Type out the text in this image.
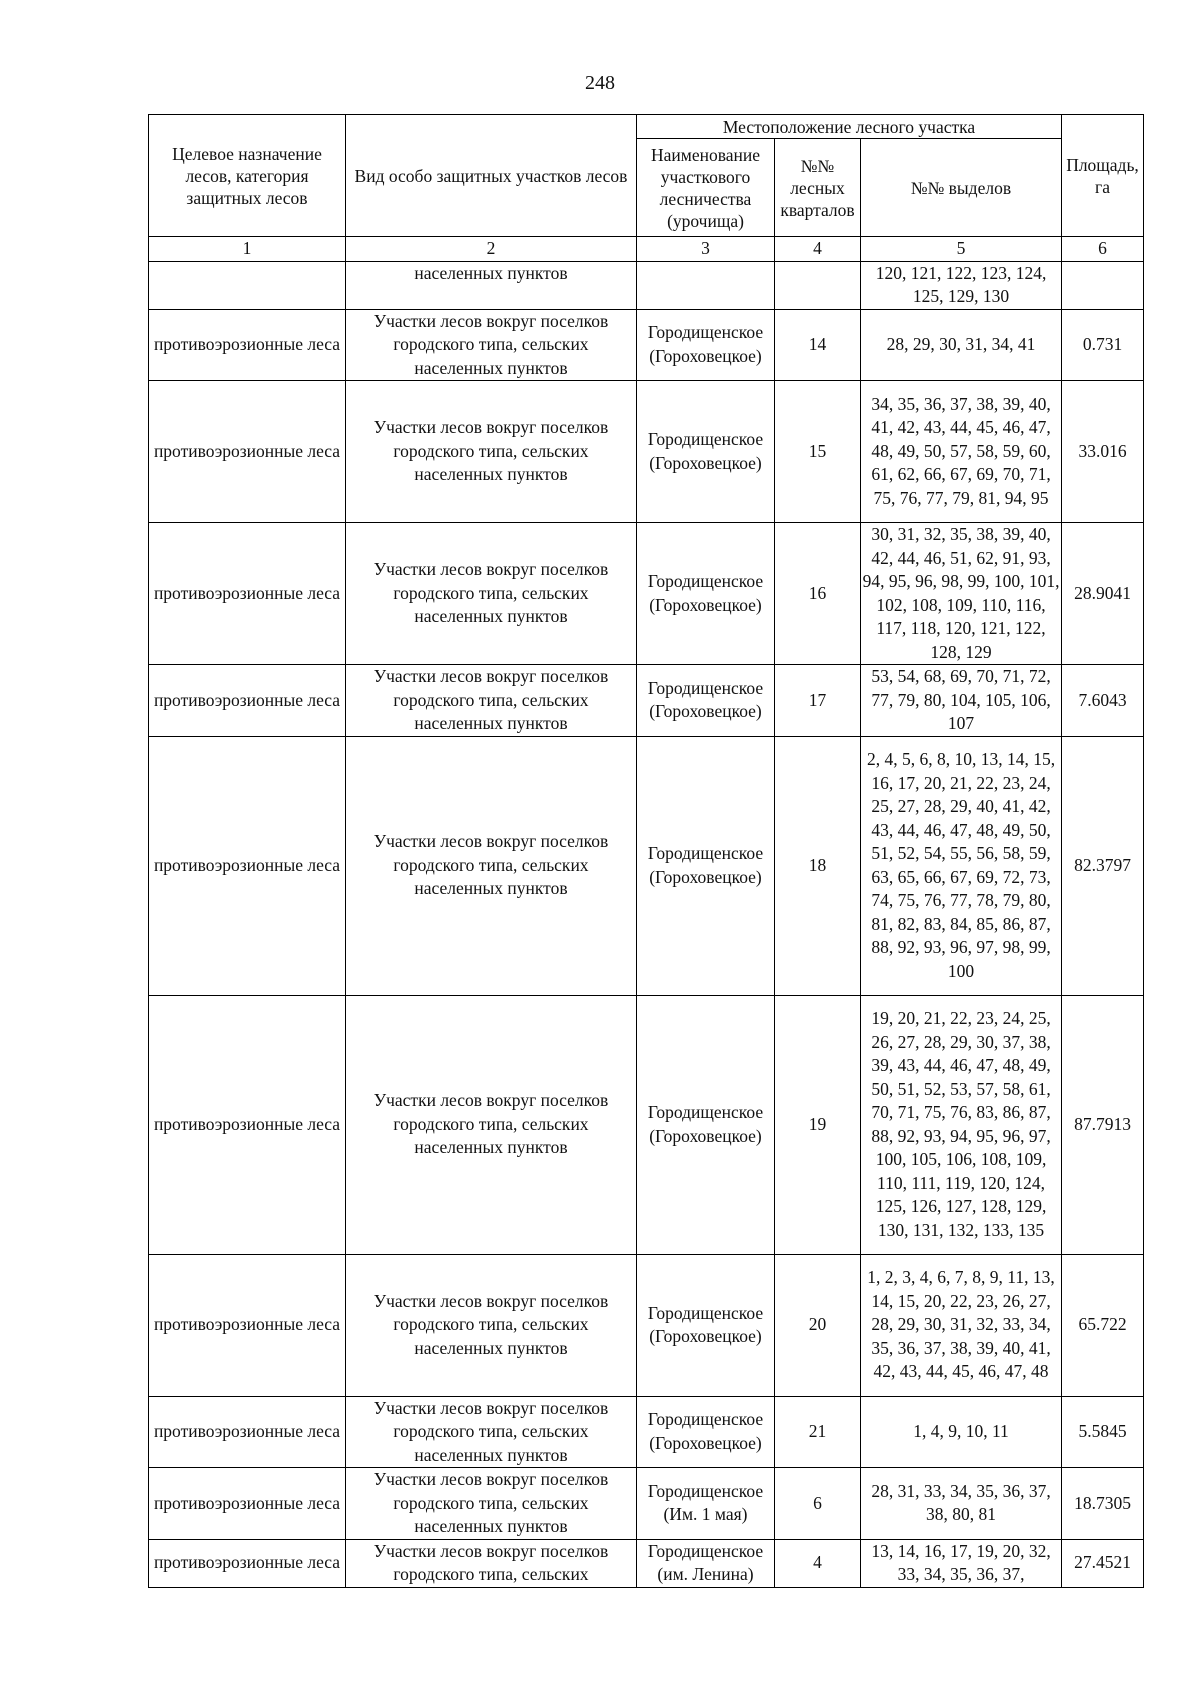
248
Целевое назначение лесов, категория защитных лесов	Вид особо защитных участков лесов	Местоположение лесного участка			Площадь, га
		Наименование участкового лесничества (урочища)	№№ лесных кварталов	№№ выделов	
1	2	3	4	5	6
	населенных пунктов			120, 121, 122, 123, 124, 125, 129, 130	
противоэрозионные леса	Участки лесов вокруг поселков городского типа, сельских населенных пунктов	Городищенское (Гороховецкое)	14	28, 29, 30, 31, 34, 41	0.731
противоэрозионные леса	Участки лесов вокруг поселков городского типа, сельских населенных пунктов	Городищенское (Гороховецкое)	15	34, 35, 36, 37, 38, 39, 40, 41, 42, 43, 44, 45, 46, 47, 48, 49, 50, 57, 58, 59, 60, 61, 62, 66, 67, 69, 70, 71, 75, 76, 77, 79, 81, 94, 95	33.016
противоэрозионные леса	Участки лесов вокруг поселков городского типа, сельских населенных пунктов	Городищенское (Гороховецкое)	16	30, 31, 32, 35, 38, 39, 40, 42, 44, 46, 51, 62, 91, 93, 94, 95, 96, 98, 99, 100, 101, 102, 108, 109, 110, 116, 117, 118, 120, 121, 122, 128, 129	28.9041
противоэрозионные леса	Участки лесов вокруг поселков городского типа, сельских населенных пунктов	Городищенское (Гороховецкое)	17	53, 54, 68, 69, 70, 71, 72, 77, 79, 80, 104, 105, 106, 107	7.6043
противоэрозионные леса	Участки лесов вокруг поселков городского типа, сельских населенных пунктов	Городищенское (Гороховецкое)	18	2, 4, 5, 6, 8, 10, 13, 14, 15, 16, 17, 20, 21, 22, 23, 24, 25, 27, 28, 29, 40, 41, 42, 43, 44, 46, 47, 48, 49, 50, 51, 52, 54, 55, 56, 58, 59, 63, 65, 66, 67, 69, 72, 73, 74, 75, 76, 77, 78, 79, 80, 81, 82, 83, 84, 85, 86, 87, 88, 92, 93, 96, 97, 98, 99, 100	82.3797
противоэрозионные леса	Участки лесов вокруг поселков городского типа, сельских населенных пунктов	Городищенское (Гороховецкое)	19	19, 20, 21, 22, 23, 24, 25, 26, 27, 28, 29, 30, 37, 38, 39, 43, 44, 46, 47, 48, 49, 50, 51, 52, 53, 57, 58, 61, 70, 71, 75, 76, 83, 86, 87, 88, 92, 93, 94, 95, 96, 97, 100, 105, 106, 108, 109, 110, 111, 119, 120, 124, 125, 126, 127, 128, 129, 130, 131, 132, 133, 135	87.7913
противоэрозионные леса	Участки лесов вокруг поселков городского типа, сельских населенных пунктов	Городищенское (Гороховецкое)	20	1, 2, 3, 4, 6, 7, 8, 9, 11, 13, 14, 15, 20, 22, 23, 26, 27, 28, 29, 30, 31, 32, 33, 34, 35, 36, 37, 38, 39, 40, 41, 42, 43, 44, 45, 46, 47, 48	65.722
противоэрозионные леса	Участки лесов вокруг поселков городского типа, сельских населенных пунктов	Городищенское (Гороховецкое)	21	1, 4, 9, 10, 11	5.5845
противоэрозионные леса	Участки лесов вокруг поселков городского типа, сельских населенных пунктов	Городищенское (Им. 1 мая)	6	28, 31, 33, 34, 35, 36, 37, 38, 80, 81	18.7305
противоэрозионные леса	Участки лесов вокруг поселков городского типа, сельских	Городищенское (им. Ленина)	4	13, 14, 16, 17, 19, 20, 32, 33, 34, 35, 36, 37,	27.4521
